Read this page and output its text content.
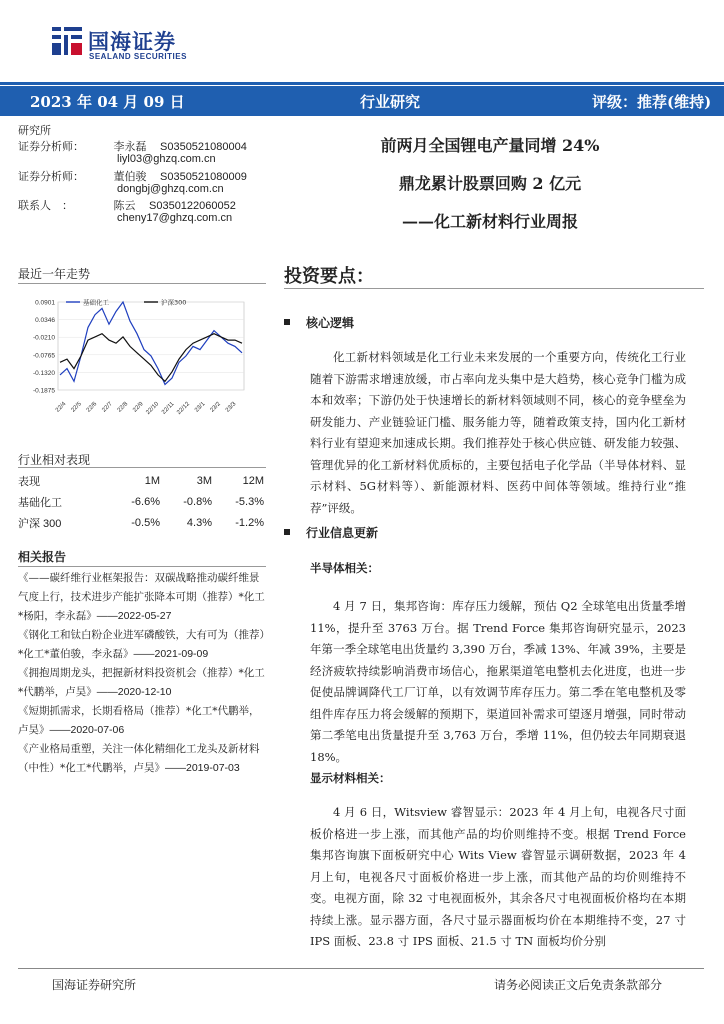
国海证券
SEALAND SECURITIES
2023 年 04 月 09 日	行业研究	评级：推荐(维持)
研究所
证券分析师：	李永磊 S0350521080004
liyl03@ghzq.com.cn
证券分析师：	董伯骏 S0350521080009
dongbj@ghzq.com.cn
联系人　：	陈云 S0350122060052
cheny17@ghzq.com.cn
前两月全国锂电产量同增 24%
鼎龙累计股票回购 2 亿元
——化工新材料行业周报
最近一年走势
0.0901
0.0346
-0.0210
-0.0765
-0.1320
-0.1875
22/4 22/5 22/6 22/7 22/8 22/9 22/10 22/11 22/12 23/1 23/2 23/3
基础化工	沪深300
行业相对表现
表现	1M	3M	12M
基础化工	-6.6%	-0.8%	-5.3%
沪深 300	-0.5%	4.3%	-1.2%
相关报告
《——碳纤维行业框架报告：双碳战略推动碳纤维景气度上行，技术进步产能扩张降本可期（推荐）*化工*杨阳，李永磊》——2022-05-27
《钢化工和钛白粉企业进军磷酸铁，大有可为（推荐）*化工*董伯骏，李永磊》——2021-09-09
《拥抱周期龙头，把握新材料投资机会（推荐）*化工*代鹏举，卢昊》——2020-12-10
《短期抓需求，长期看格局（推荐）*化工*代鹏举，卢昊》——2020-07-06
《产业格局重塑，关注一体化精细化工龙头及新材料（中性）*化工*代鹏举，卢昊》——2019-07-03
投资要点：
核心逻辑
化工新材料领域是化工行业未来发展的一个重要方向，传统化工行业随着下游需求增速放缓，市占率向龙头集中是大趋势，核心竞争门槛为成本和效率；下游仍处于快速增长的新材料领域则不同，核心的竞争壁垒为研发能力、产业链验证门槛、服务能力等，随着政策支持，国内化工新材料行业有望迎来加速成长期。我们推荐处于核心供应链、研发能力较强、管理优异的化工新材料优质标的，主要包括电子化学品（半导体材料、显示材料、5G材料等）、新能源材料、医药中间体等领域。维持行业“推荐”评级。
行业信息更新
半导体相关：
4 月 7 日，集邦咨询：库存压力缓解，预估 Q2 全球笔电出货量季增 11%，提升至 3763 万台。据 Trend Force 集邦咨询研究显示，2023 年第一季全球笔电出货量约 3,390 万台，季减 13%、年减 39%，主要是经济疲软持续影响消费市场信心，拖累渠道笔电整机去化进度，也进一步促使品牌调降代工厂订单，以有效调节库存压力。第二季在笔电整机及零组件库存压力将会缓解的预期下，渠道回补需求可望逐月增强，同时带动第二季笔电出货量提升至 3,763 万台，季增 11%，但仍较去年同期衰退 18%。
显示材料相关：
4 月 6 日，Witsview 睿智显示：2023 年 4 月上旬，电视各尺寸面板价格进一步上涨，而其他产品的均价则维持不变。根据 Trend Force 集邦咨询旗下面板研究中心 Wits View 睿智显示调研数据，2023 年 4 月上旬，电视各尺寸面板价格进一步上涨，而其他产品的均价则维持不变。电视方面，除 32 寸电视面板外，其余各尺寸电视面板价格均在本期持续上涨。显示器方面，各尺寸显示器面板均价在本期维持不变，27 寸 IPS 面板、23.8 寸 IPS 面板、21.5 寸 TN 面板均价分别
国海证券研究所	请务必阅读正文后免责条款部分
